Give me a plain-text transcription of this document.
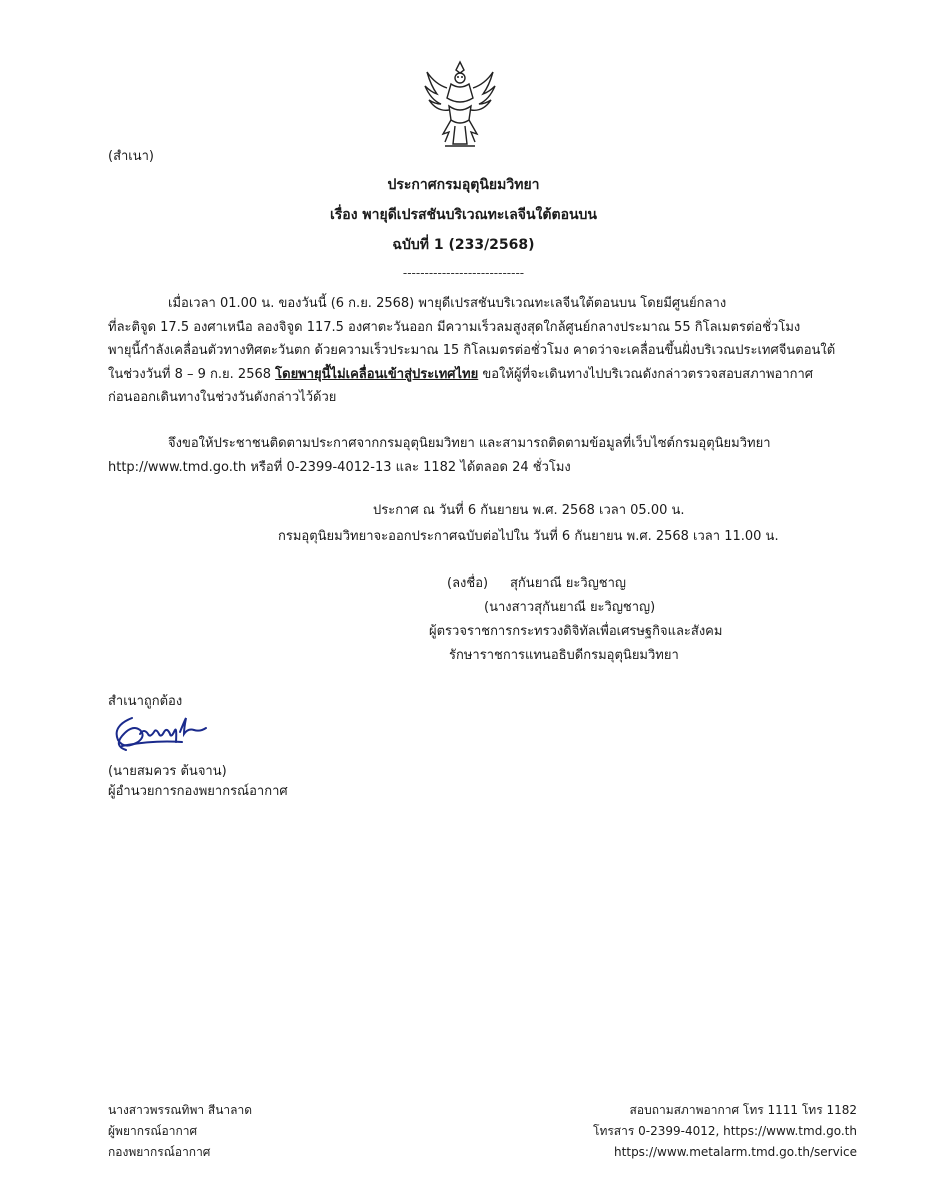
(สำเนา)
ประกาศกรมอุตุนิยมวิทยา
เรื่อง พายุดีเปรสชันบริเวณทะเลจีนใต้ตอนบน
ฉบับที่ 1 (233/2568)
----------------------------

เมื่อเวลา 01.00 น. ของวันนี้ (6 ก.ย. 2568) พายุดีเปรสชันบริเวณทะเลจีนใต้ตอนบน โดยมีศูนย์กลาง

ที่ละติจูด 17.5 องศาเหนือ ลองจิจูด 117.5 องศาตะวันออก มีความเร็วลมสูงสุดใกล้ศูนย์กลางประมาณ 55 กิโลเมตรต่อชั่วโมง

พายุนี้กำลังเคลื่อนตัวทางทิศตะวันตก ด้วยความเร็วประมาณ 15 กิโลเมตรต่อชั่วโมง คาดว่าจะเคลื่อนขึ้นฝั่งบริเวณประเทศจีนตอนใต้

ในช่วงวันที่ 8 – 9 ก.ย. 2568 โดยพายุนี้ไม่เคลื่อนเข้าสู่ประเทศไทย ขอให้ผู้ที่จะเดินทางไปบริเวณดังกล่าวตรวจสอบสภาพอากาศ

ก่อนออกเดินทางในช่วงวันดังกล่าวไว้ด้วย

จึงขอให้ประชาชนติดตามประกาศจากกรมอุตุนิยมวิทยา และสามารถติดตามข้อมูลที่เว็บไซต์กรมอุตุนิยมวิทยา

http://www.tmd.go.th หรือที่ 0-2399-4012-13 และ 1182 ได้ตลอด 24 ชั่วโมง

ประกาศ ณ วันที่ 6 กันยายน พ.ศ. 2568 เวลา 05.00 น.
กรมอุตุนิยมวิทยาจะออกประกาศฉบับต่อไปใน วันที่ 6 กันยายน พ.ศ. 2568 เวลา 11.00 น.
(ลงชื่อ) สุกันยาณี ยะวิญชาญ
(นางสาวสุกันยาณี ยะวิญชาญ)
ผู้ตรวจราชการกระทรวงดิจิทัลเพื่อเศรษฐกิจและสังคม
รักษาราชการแทนอธิบดีกรมอุตุนิยมวิทยา
สำเนาถูกต้อง
(นายสมควร ต้นจาน)
ผู้อำนวยการกองพยากรณ์อากาศ
นางสาวพรรณทิพา สีนาลาด
ผู้พยากรณ์อากาศ
กองพยากรณ์อากาศ
สอบถามสภาพอากาศ โทร 1111 โทร 1182
โทรสาร 0-2399-4012, https://www.tmd.go.th
https://www.metalarm.tmd.go.th/service
